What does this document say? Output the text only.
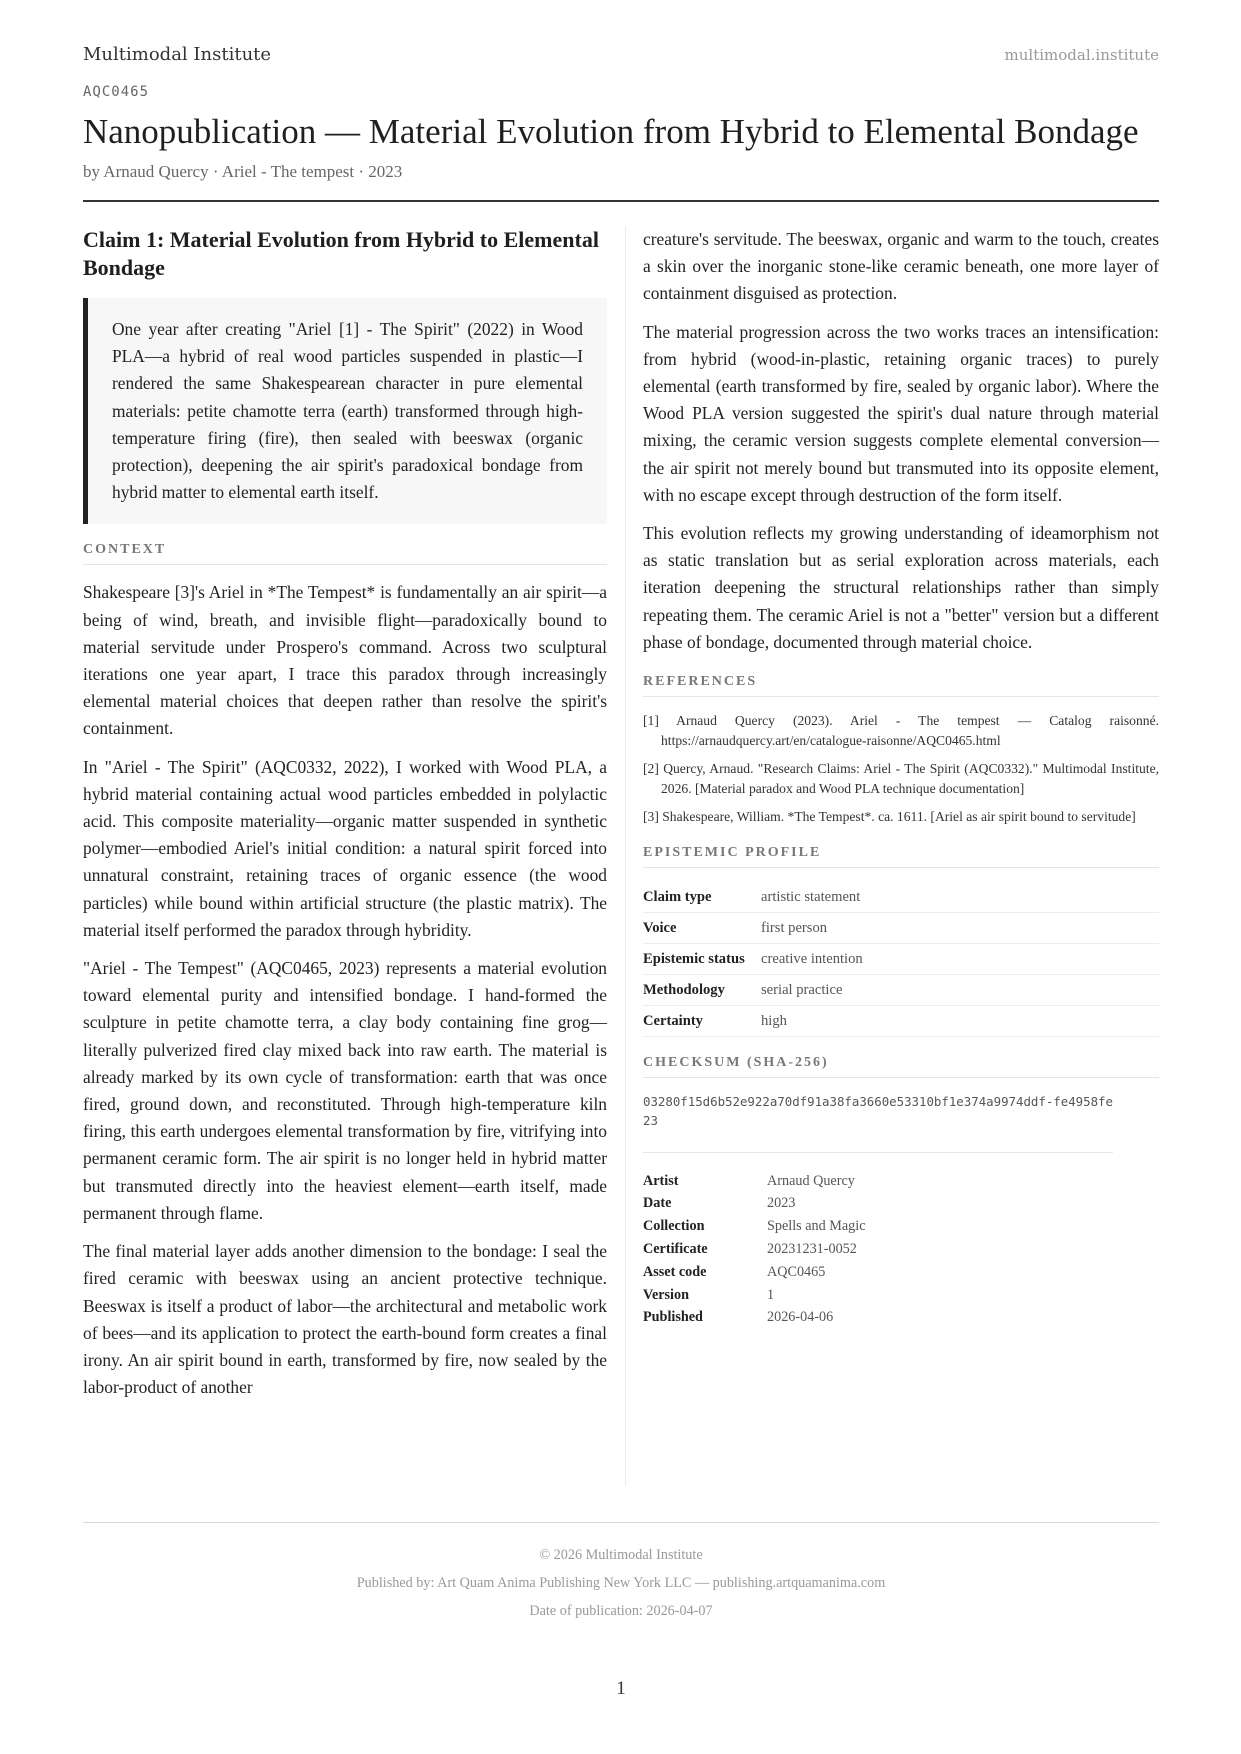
Multimodal Institute	multimodal.institute
AQC0465
Nanopublication — Material Evolution from Hybrid to Elemental Bondage
by Arnaud Quercy · Ariel - The tempest · 2023
Claim 1: Material Evolution from Hybrid to Elemental Bondage
One year after creating "Ariel [1] - The Spirit" (2022) in Wood PLA—a hybrid of real wood particles suspended in plastic—I rendered the same Shakespearean character in pure elemental materials: petite chamotte terra (earth) transformed through high-temperature firing (fire), then sealed with beeswax (organic protection), deepening the air spirit's paradoxical bondage from hybrid matter to elemental earth itself.
CONTEXT

Shakespeare [3]'s Ariel in *The Tempest* is fundamentally an air spirit—a being of wind, breath, and invisible flight—paradoxically bound to material servitude under Prospero's command. Across two sculptural iterations one year apart, I trace this paradox through increasingly elemental material choices that deepen rather than resolve the spirit's containment.

In "Ariel - The Spirit" (AQC0332, 2022), I worked with Wood PLA, a hybrid material containing actual wood particles embedded in polylactic acid. This composite materiality—organic matter suspended in synthetic polymer—embodied Ariel's initial condition: a natural spirit forced into unnatural constraint, retaining traces of organic essence (the wood particles) while bound within artificial structure (the plastic matrix). The material itself performed the paradox through hybridity.

"Ariel - The Tempest" (AQC0465, 2023) represents a material evolution toward elemental purity and intensified bondage. I hand-formed the sculpture in petite chamotte terra, a clay body containing fine grog—literally pulverized fired clay mixed back into raw earth. The material is already marked by its own cycle of transformation: earth that was once fired, ground down, and reconstituted. Through high-temperature kiln firing, this earth undergoes elemental transformation by fire, vitrifying into permanent ceramic form. The air spirit is no longer held in hybrid matter but transmuted directly into the heaviest element—earth itself, made permanent through flame.

The final material layer adds another dimension to the bondage: I seal the fired ceramic with beeswax using an ancient protective technique. Beeswax is itself a product of labor—the architectural and metabolic work of bees—and its application to protect the earth-bound form creates a final irony. An air spirit bound in earth, transformed by fire, now sealed by the labor-product of another

creature's servitude. The beeswax, organic and warm to the touch, creates a skin over the inorganic stone-like ceramic beneath, one more layer of containment disguised as protection.

The material progression across the two works traces an intensification: from hybrid (wood-in-plastic, retaining organic traces) to purely elemental (earth transformed by fire, sealed by organic labor). Where the Wood PLA version suggested the spirit's dual nature through material mixing, the ceramic version suggests complete elemental conversion—the air spirit not merely bound but transmuted into its opposite element, with no escape except through destruction of the form itself.

This evolution reflects my growing understanding of ideamorphism not as static translation but as serial exploration across materials, each iteration deepening the structural relationships rather than simply repeating them. The ceramic Ariel is not a "better" version but a different phase of bondage, documented through material choice.

REFERENCES
[1] Arnaud Quercy (2023). Ariel - The tempest — Catalog raisonné. https://arnaudquercy.art/en/catalogue-raisonne/AQC0465.html
[2] Quercy, Arnaud. "Research Claims: Ariel - The Spirit (AQC0332)." Multimodal Institute, 2026. [Material paradox and Wood PLA technique documentation]
[3] Shakespeare, William. *The Tempest*. ca. 1611. [Ariel as air spirit bound to servitude]
EPISTEMIC PROFILE
Claim type	artistic statement
Voice	first person
Epistemic status	creative intention
Methodology	serial practice
Certainty	high
CHECKSUM (SHA-256)
03280f15d6b52e922a70df91a38fa3660e53310bf1e374a9974ddf-fe4958fe23
Artist	Arnaud Quercy
Date	2023
Collection	Spells and Magic
Certificate	20231231-0052
Asset code	AQC0465
Version	1
Published	2026-04-06
© 2026 Multimodal Institute
Published by: Art Quam Anima Publishing New York LLC — publishing.artquamanima.com
Date of publication: 2026-04-07
1
